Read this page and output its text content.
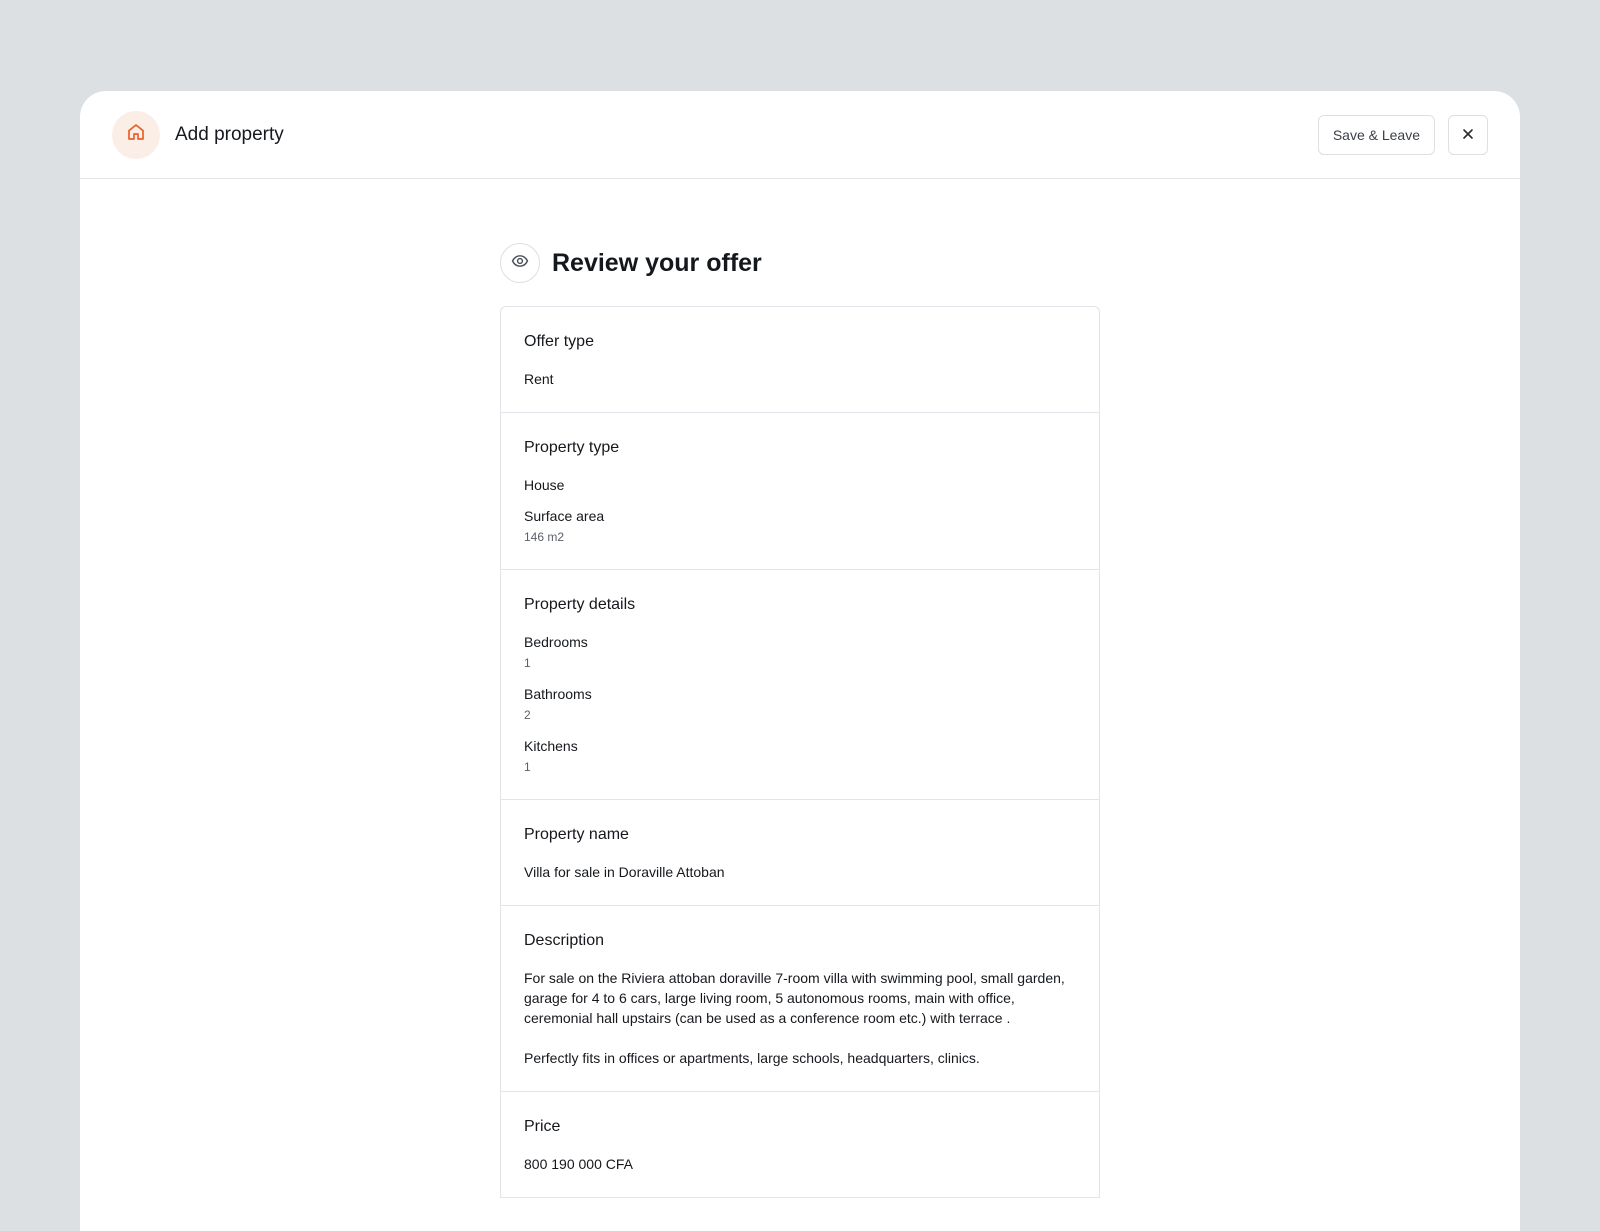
Add property	Save & Leave
Review your offer
Offer type
Rent
Property type
House
Surface area
146 m2
Property details
Bedrooms
1
Bathrooms
2
Kitchens
1
Property name
Villa for sale in Doraville Attoban
Description

For sale on the Riviera attoban doraville 7-room villa with swimming pool, small garden, garage for 4 to 6 cars, large living room, 5 autonomous rooms, main with office, ceremonial hall upstairs (can be used as a conference room etc.) with terrace .

Perfectly fits in offices or apartments, large schools, headquarters, clinics.

Price
800 190 000 CFA
